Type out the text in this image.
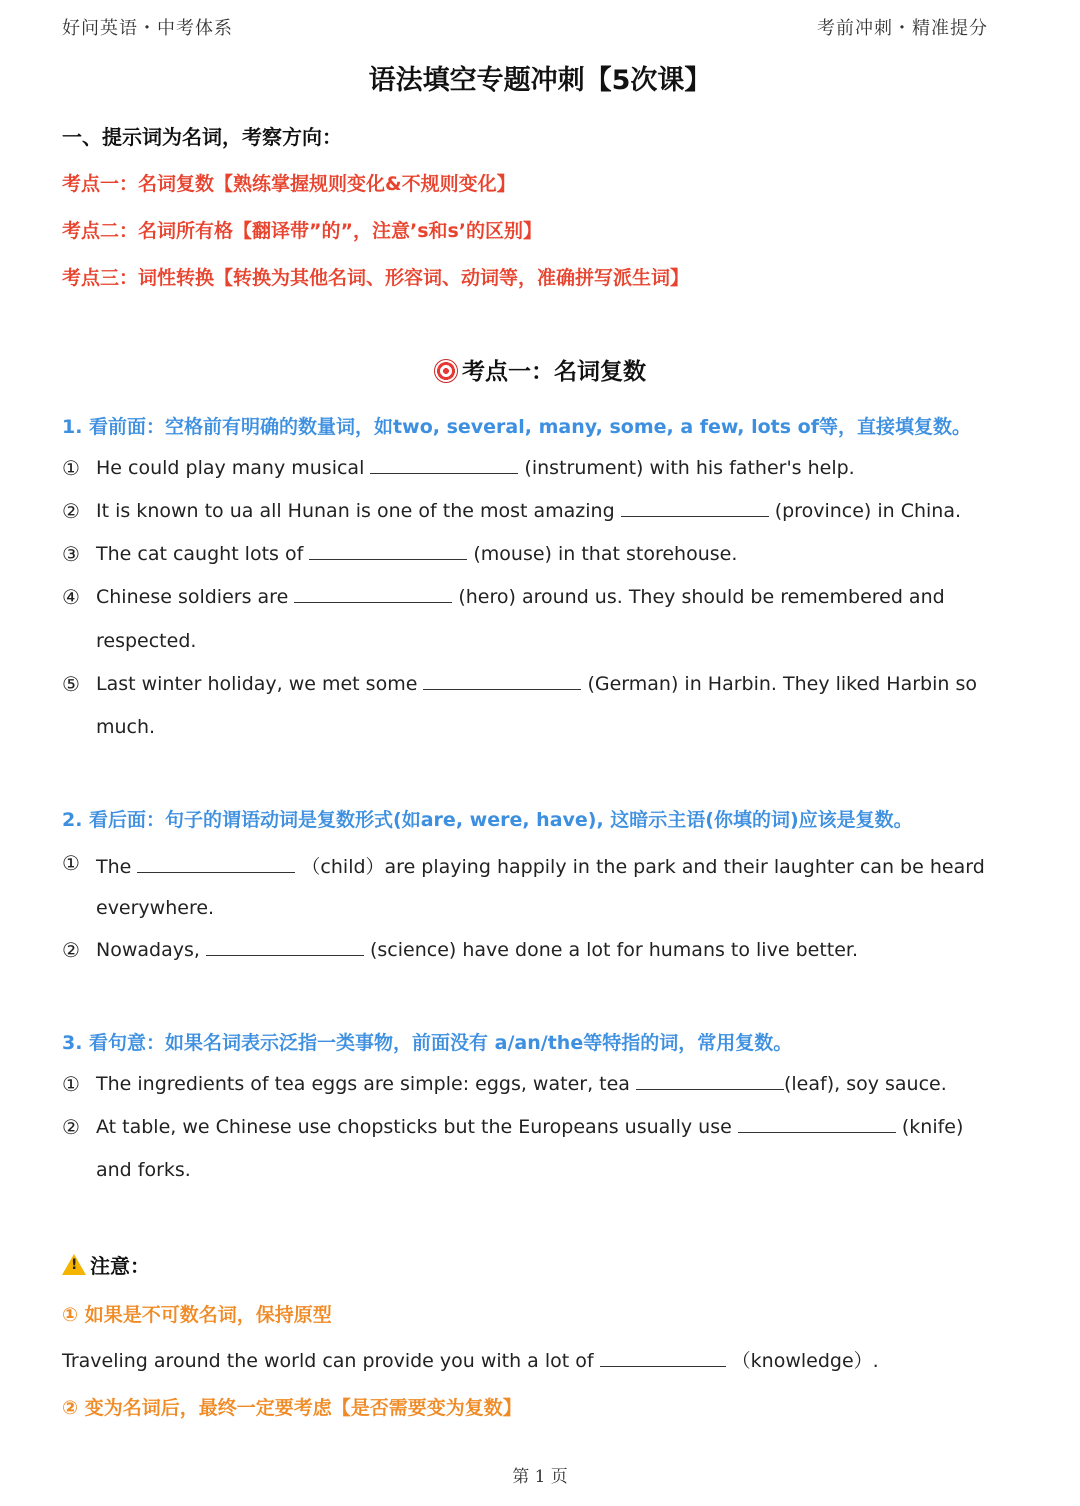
好问英语・中考体系	考前冲刺・精准提分
语法填空专题冲刺【5次课】
一、提示词为名词，考察方向：
考点一：名词复数【熟练掌握规则变化&不规则变化】
考点二：名词所有格【翻译带”的”，注意’s和s’的区别】
考点三：词性转换【转换为其他名词、形容词、动词等，准确拼写派生词】
考点一：名词复数
1. 看前面：空格前有明确的数量词，如two, several, many, some, a few, lots of等，直接填复数。
① He could play many musical	(instrument) with his father's help.
② It is known to ua all Hunan is one of the most amazing	(province) in China.
③ The cat caught lots of	(mouse) in that storehouse.
④ Chinese soldiers are	(hero) around us. They should be remembered and
respected.
⑤ Last winter holiday, we met some	(German) in Harbin. They liked Harbin so
much.
2. 看后面：句子的谓语动词是复数形式(如are, were, have), 这暗示主语(你填的词)应该是复数。
① The	（child）are playing happily in the park and their laughter can be heard
everywhere.
② Nowadays,	(science) have done a lot for humans to live better.
3. 看句意：如果名词表示泛指一类事物，前面没有 a/an/the等特指的词，常用复数。
① The ingredients of tea eggs are simple: eggs, water, tea	(leaf), soy sauce.
② At table, we Chinese use chopsticks but the Europeans usually use	(knife)
and forks.
!注意：
① 如果是不可数名词，保持原型
Traveling around the world can provide you with a lot of	（knowledge）.
② 变为名词后，最终一定要考虑【是否需要变为复数】
第 1 页
